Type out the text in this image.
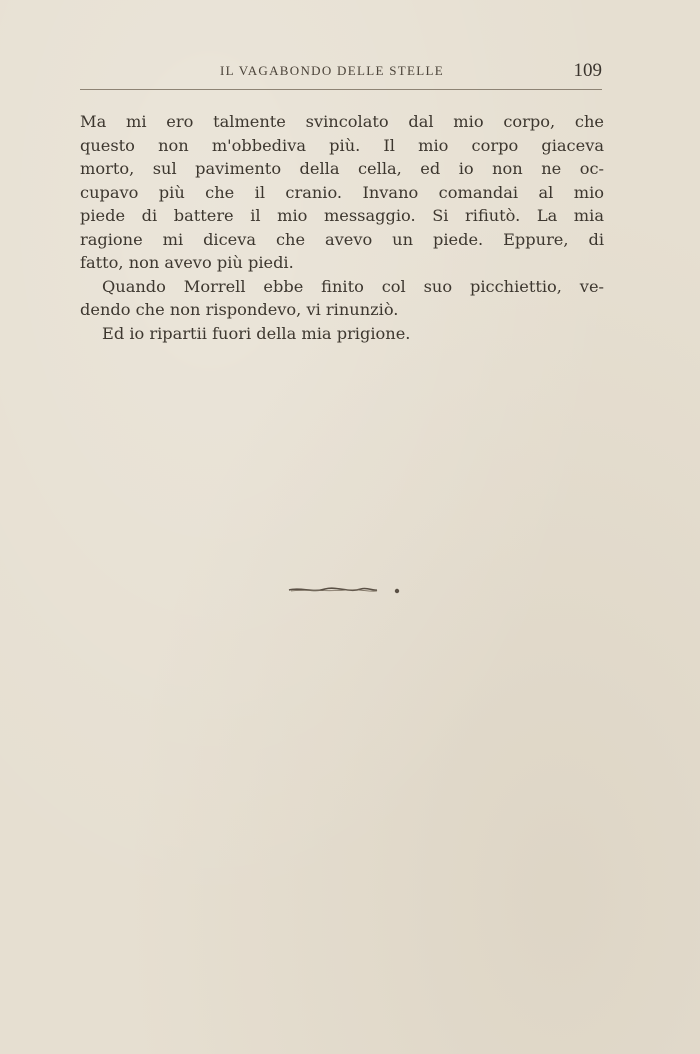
IL VAGABONDO DELLE STELLE	109
Ma mi ero talmente svincolato dal mio corpo, che
questo non m'obbediva più. Il mio corpo giaceva
morto, sul pavimento della cella, ed io non ne oc-
cupavo più che il cranio. Invano comandai al mio
piede di battere il mio messaggio. Si rifiutò. La mia
ragione mi diceva che avevo un piede. Eppure, di
fatto, non avevo più piedi.
Quando Morrell ebbe finito col suo picchiettio, ve-
dendo che non rispondevo, vi rinunziò.
Ed io ripartii fuori della mia prigione.
